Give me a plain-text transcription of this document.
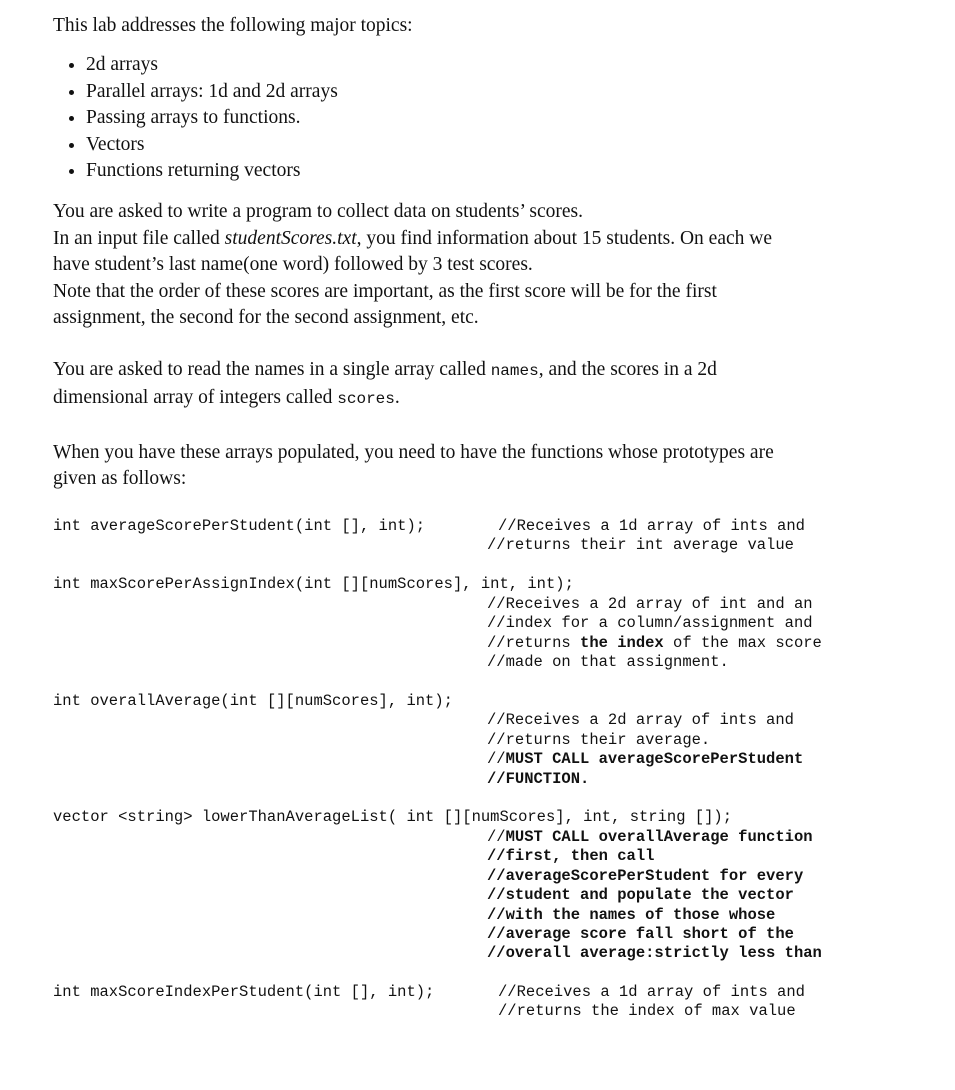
This lab addresses the following major topics:
• 2d arrays
• Parallel arrays: 1d and 2d arrays
• Passing arrays to functions.
• Vectors
• Functions returning vectors
You are asked to write a program to collect data on students’ scores.
In an input file called studentScores.txt, you find information about 15 students. On each we
have student’s last name(one word) followed by 3 test scores.
Note that the order of these scores are important, as the first score will be for the first
assignment, the second for the second assignment, etc.
You are asked to read the names in a single array called names, and the scores in a 2d
dimensional array of integers called scores.
When you have these arrays populated, you need to have the functions whose prototypes are
given as follows:
int averageScorePerStudent(int [], int);	//Receives a 1d array of ints and
//returns their int average value
int maxScorePerAssignIndex(int [][numScores], int, int);
//Receives a 2d array of int and an
//index for a column/assignment and
//returns the index of the max score
//made on that assignment.
int overallAverage(int [][numScores], int);
//Receives a 2d array of ints and
//returns their average.
//MUST CALL averageScorePerStudent
//FUNCTION.
vector <string> lowerThanAverageList( int [][numScores], int, string []);
//MUST CALL overallAverage function
//first, then call
//averageScorePerStudent for every
//student and populate the vector
//with the names of those whose
//average score fall short of the
//overall average:strictly less than
int maxScoreIndexPerStudent(int [], int);	//Receives a 1d array of ints and
//returns the index of max value
